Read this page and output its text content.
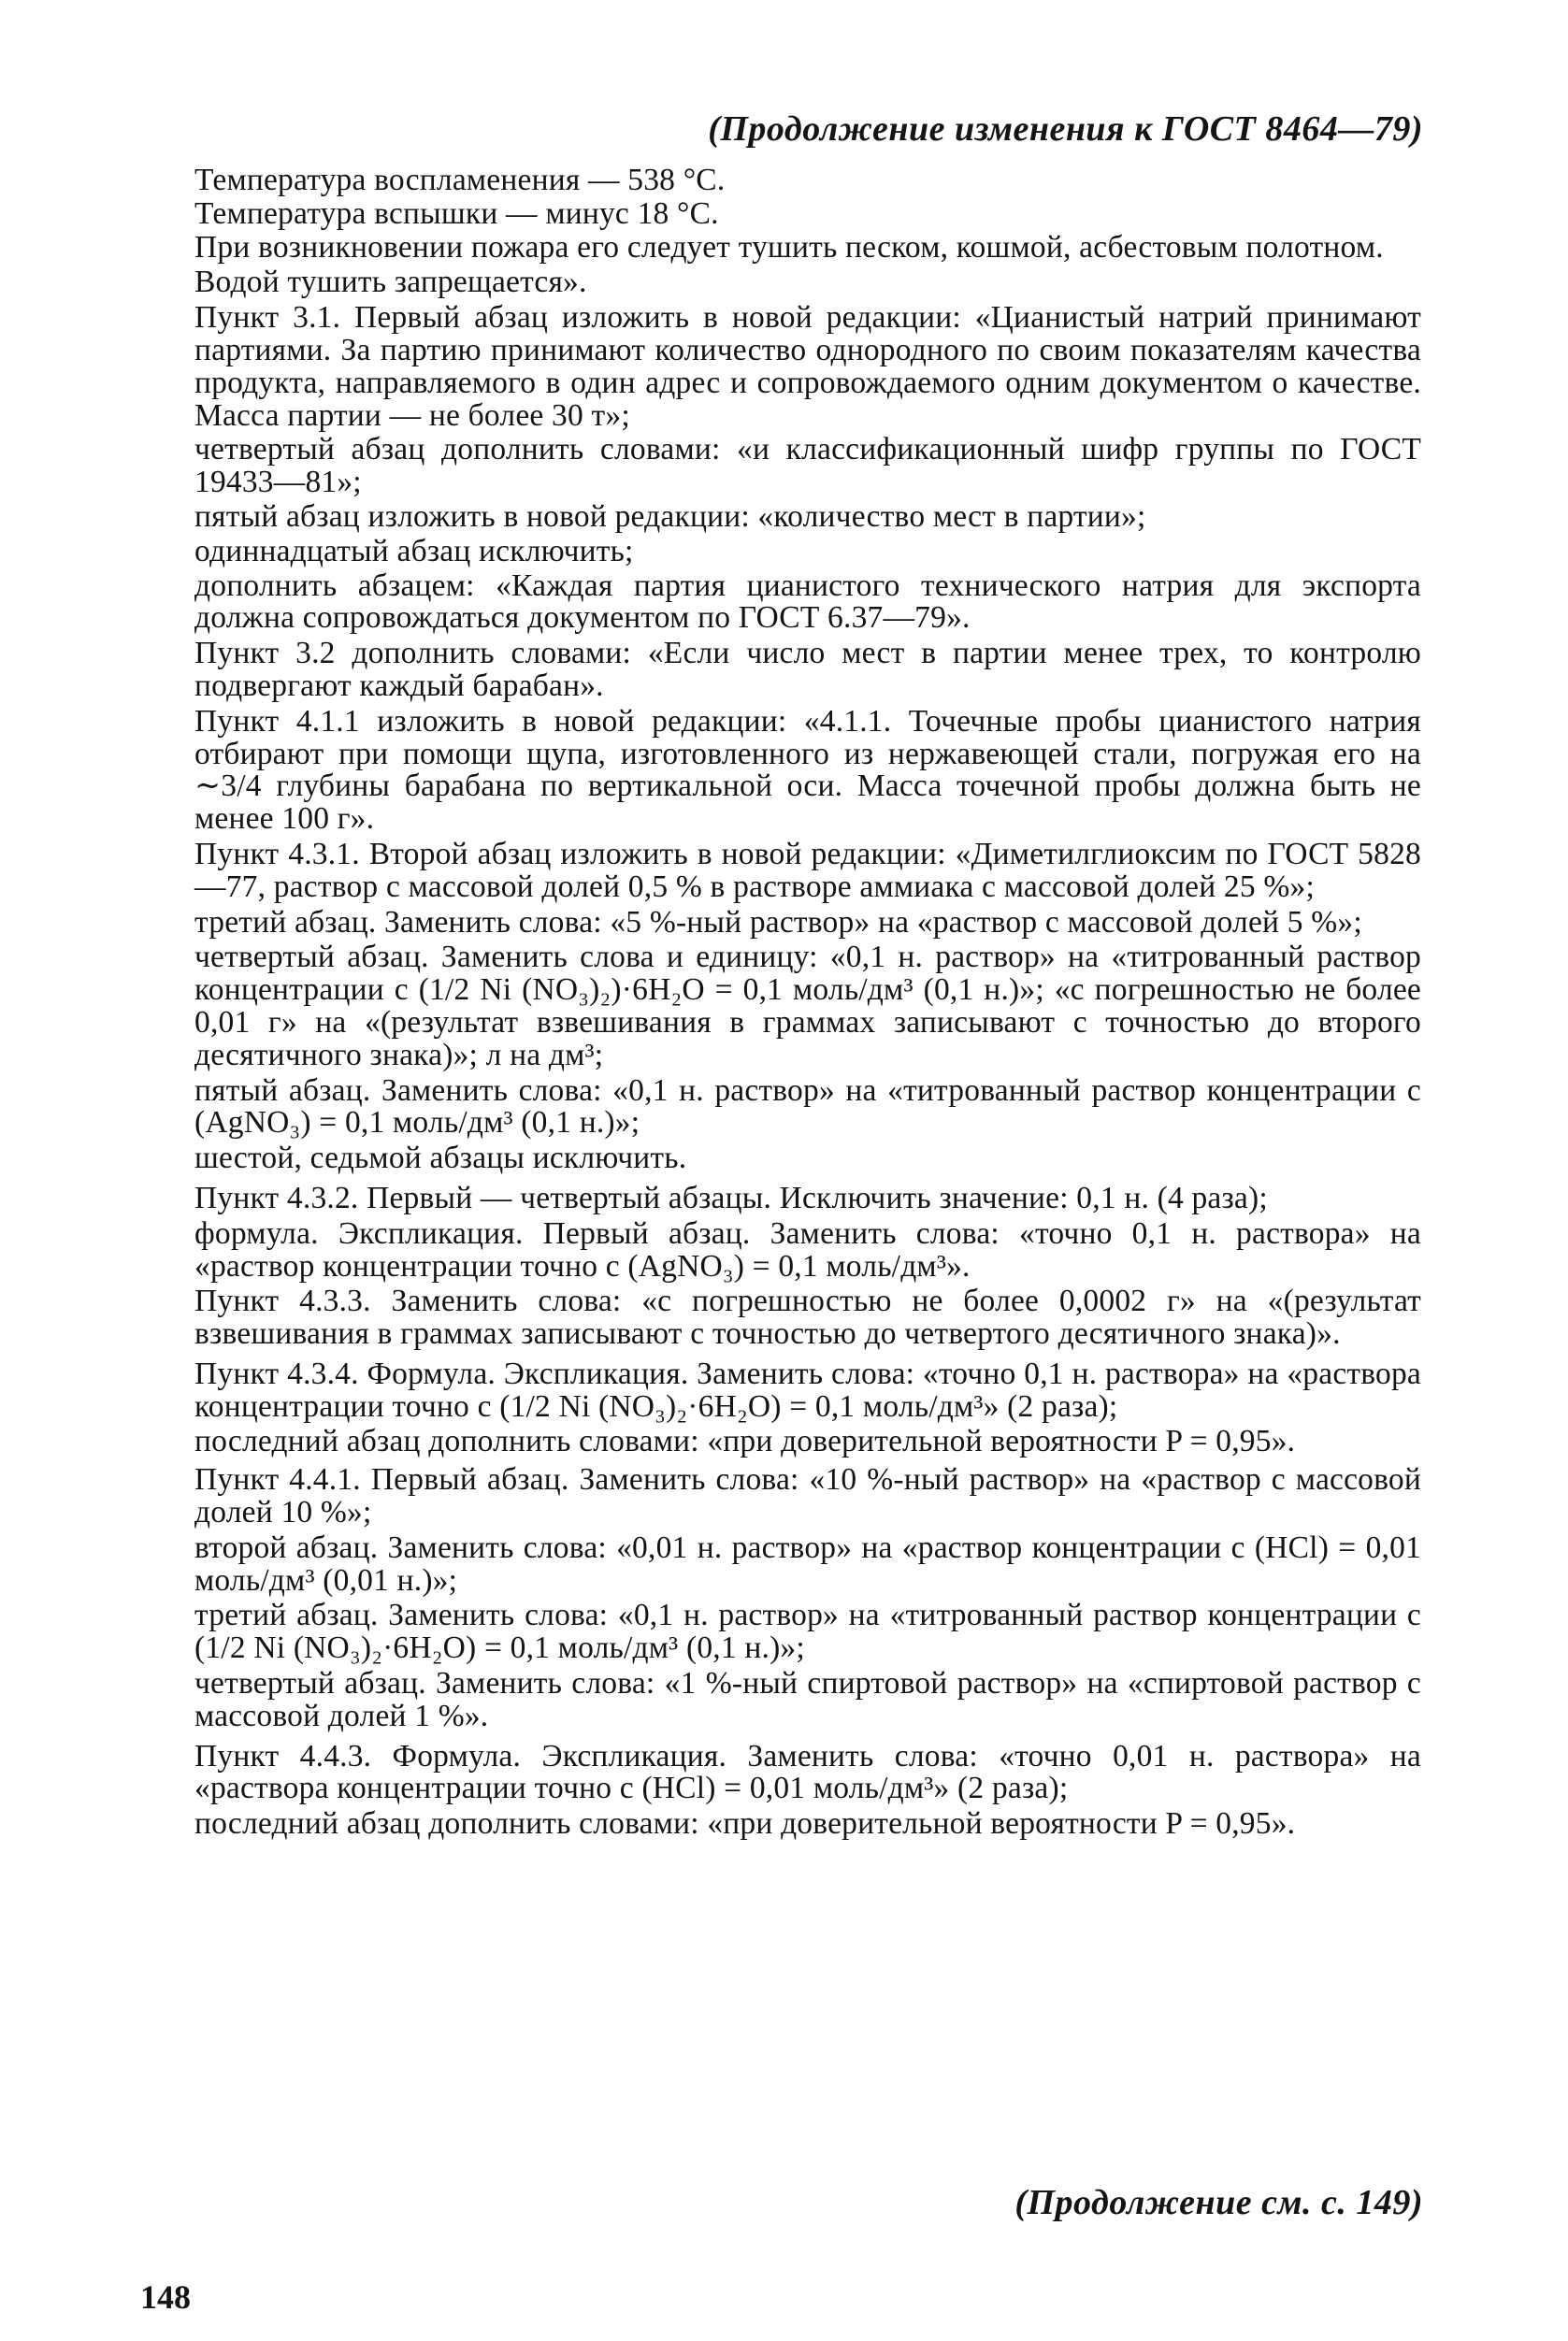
(Продолжение изменения к ГОСТ 8464—79)

Температура воспламенения — 538 °С.

Температура вспышки — минус 18 °С.

При возникновении пожара его следует тушить песком, кошмой, асбестовым полотном.

Водой тушить запрещается».

Пункт 3.1. Первый абзац изложить в новой редакции: «Цианистый натрий принимают партиями. За партию принимают количество однородного по своим показателям качества продукта, направляемого в один адрес и сопровождаемого одним документом о качестве. Масса партии — не более 30 т»;

четвертый абзац дополнить словами: «и классификационный шифр группы по ГОСТ 19433—81»;

пятый абзац изложить в новой редакции: «количество мест в партии»;

одиннадцатый абзац исключить;

дополнить абзацем: «Каждая партия цианистого технического натрия для экспорта должна сопровождаться документом по ГОСТ 6.37—79».

Пункт 3.2 дополнить словами: «Если число мест в партии менее трех, то контролю подвергают каждый барабан».

Пункт 4.1.1 изложить в новой редакции: «4.1.1. Точечные пробы цианистого натрия отбирают при помощи щупа, изготовленного из нержавеющей стали, погружая его на ∼3/4 глубины барабана по вертикальной оси. Масса точечной пробы должна быть не менее 100 г».

Пункт 4.3.1. Второй абзац изложить в новой редакции: «Диметилглиоксим по ГОСТ 5828—77, раствор с массовой долей 0,5 % в растворе аммиака с массовой долей 25 %»;

третий абзац. Заменить слова: «5 %-ный раствор» на «раствор с массовой долей 5 %»;

четвертый абзац. Заменить слова и единицу: «0,1 н. раствор» на «титрованный раствор концентрации c (1/2 Ni (NO₃)₂)·6H₂O = 0,1 моль/дм³ (0,1 н.)»; «с погрешностью не более 0,01 г» на «(результат взвешивания в граммах записывают с точностью до второго десятичного знака)»; л на дм³;

пятый абзац. Заменить слова: «0,1 н. раствор» на «титрованный раствор концентрации c (AgNO₃) = 0,1 моль/дм³ (0,1 н.)»;

шестой, седьмой абзацы исключить.

Пункт 4.3.2. Первый — четвертый абзацы. Исключить значение: 0,1 н. (4 раза);

формула. Экспликация. Первый абзац. Заменить слова: «точно 0,1 н. раствора» на «раствор концентрации точно c (AgNO₃) = 0,1 моль/дм³».

Пункт 4.3.3. Заменить слова: «с погрешностью не более 0,0002 г» на «(результат взвешивания в граммах записывают с точностью до четвертого десятичного знака)».

Пункт 4.3.4. Формула. Экспликация. Заменить слова: «точно 0,1 н. раствора» на «раствора концентрации точно c (1/2 Ni (NO₃)₂·6H₂O) = 0,1 моль/дм³» (2 раза);

последний абзац дополнить словами: «при доверительной вероятности P = 0,95».

Пункт 4.4.1. Первый абзац. Заменить слова: «10 %-ный раствор» на «раствор с массовой долей 10 %»;

второй абзац. Заменить слова: «0,01 н. раствор» на «раствор концентрации c (HCl) = 0,01 моль/дм³ (0,01 н.)»;

третий абзац. Заменить слова: «0,1 н. раствор» на «титрованный раствор концентрации c (1/2 Ni (NO₃)₂·6H₂O) = 0,1 моль/дм³ (0,1 н.)»;

четвертый абзац. Заменить слова: «1 %-ный спиртовой раствор» на «спиртовой раствор с массовой долей 1 %».

Пункт 4.4.3. Формула. Экспликация. Заменить слова: «точно 0,01 н. раствора» на «раствора концентрации точно c (HCl) = 0,01 моль/дм³» (2 раза);

последний абзац дополнить словами: «при доверительной вероятности P = 0,95».

(Продолжение см. с. 149)
148
